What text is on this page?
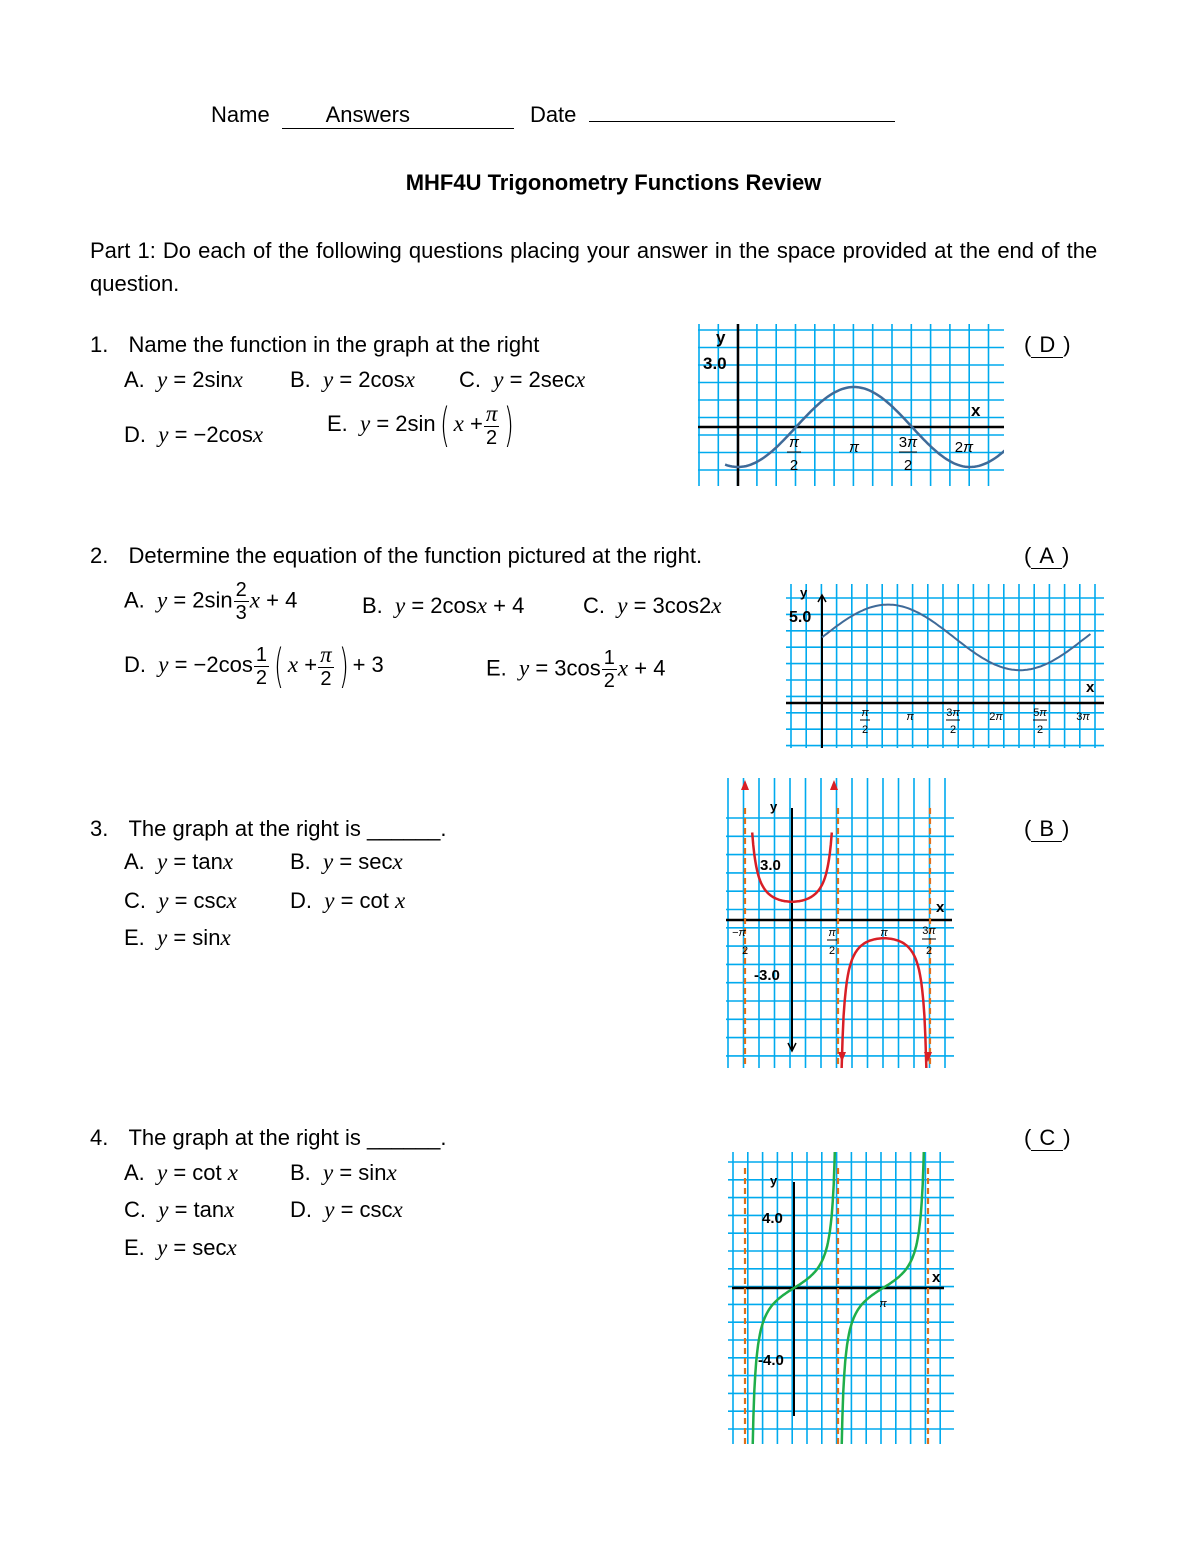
Name	Answers	Date
MHF4U Trigonometry Functions Review
Part 1: Do each of the following questions placing your answer in the space provided at the end of the question.
1. Name the function in the graph at the right	( D )
A.  y = 2sinx B.  y = 2cosx C.  y = 2secx
D.  y = −2cosx	E.  y = 2sin( $x + \frac{\pi}{2}$ )
y
3.0
x
π
2
π	3π
2
2π
2. Determine the equation of the function pictured at the right.	( A )
A.  $y = 2\sin \frac{2}{3}$ x + 4	B.  y = 2cosx + 4	C.  y = 3cos2x
D.  $y = -2\cos \frac{1}{2}$ ( $x + \frac{\pi}{2}$ ) + 3	E.  $y = 3\cos \frac{1}{2}$ x + 4
y
5.0
x
π
2
π	3π
2
2π	5π
2
3π
3. The graph at the right is ______.	( B )
A.  y = tanx	B.  y = secx
C.  y = cscx D.  y = cot x
E.  y = sinx
y
3.0
-3.0
x
−π
2
π
2
π	3π
2
4. The graph at the right is ______.	( C )
A.  y = cot x B.  y = sinx
C.  y = tanx	D.  y = cscx
E.  y = secx
y
4.0
-4.0
x
π
